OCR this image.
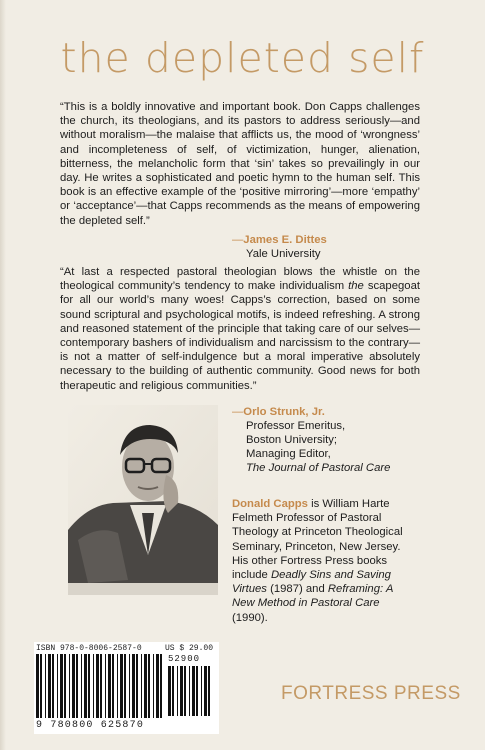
the depleted self
“This is a boldly innovative and important book. Don Capps challenges the church, its theologians, and its pastors to address seriously—and without moralism—the malaise that afflicts us, the mood of ‘wrongness’ and incompleteness of self, of victimization, hunger, alienation, bitterness, the melancholic form that ‘sin’ takes so prevailingly in our day. He writes a sophisticated and poetic hymn to the human self. This book is an effective example of the ‘positive mirroring’—more ‘empathy’ or ‘acceptance’—that Capps recommends as the means of empowering the depleted self.”
—James E. Dittes
Yale University
“At last a respected pastoral theologian blows the whistle on the theological community’s tendency to make individualism the scapegoat for all our world’s many woes! Capps’s correction, based on some sound scriptural and psychological motifs, is indeed refreshing. A strong and reasoned statement of the principle that taking care of our selves—contemporary bashers of individualism and narcissism to the contrary—is not a matter of self-indulgence but a moral imperative absolutely necessary to the building of authentic community. Good news for both therapeutic and religious communities.”
—Orlo Strunk, Jr.
Professor Emeritus,
Boston University;
Managing Editor,
The Journal of Pastoral Care
Donald Capps is William Harte Felmeth Professor of Pastoral Theology at Princeton Theological Seminary, Princeton, New Jersey. His other Fortress Press books include Deadly Sins and Saving Virtues (1987) and Reframing: A New Method in Pastoral Care (1990).
ISBN 978-0-8006-2587-0	US $ 29.00
52900
9 780800 625870
FORTRESS PRESS
